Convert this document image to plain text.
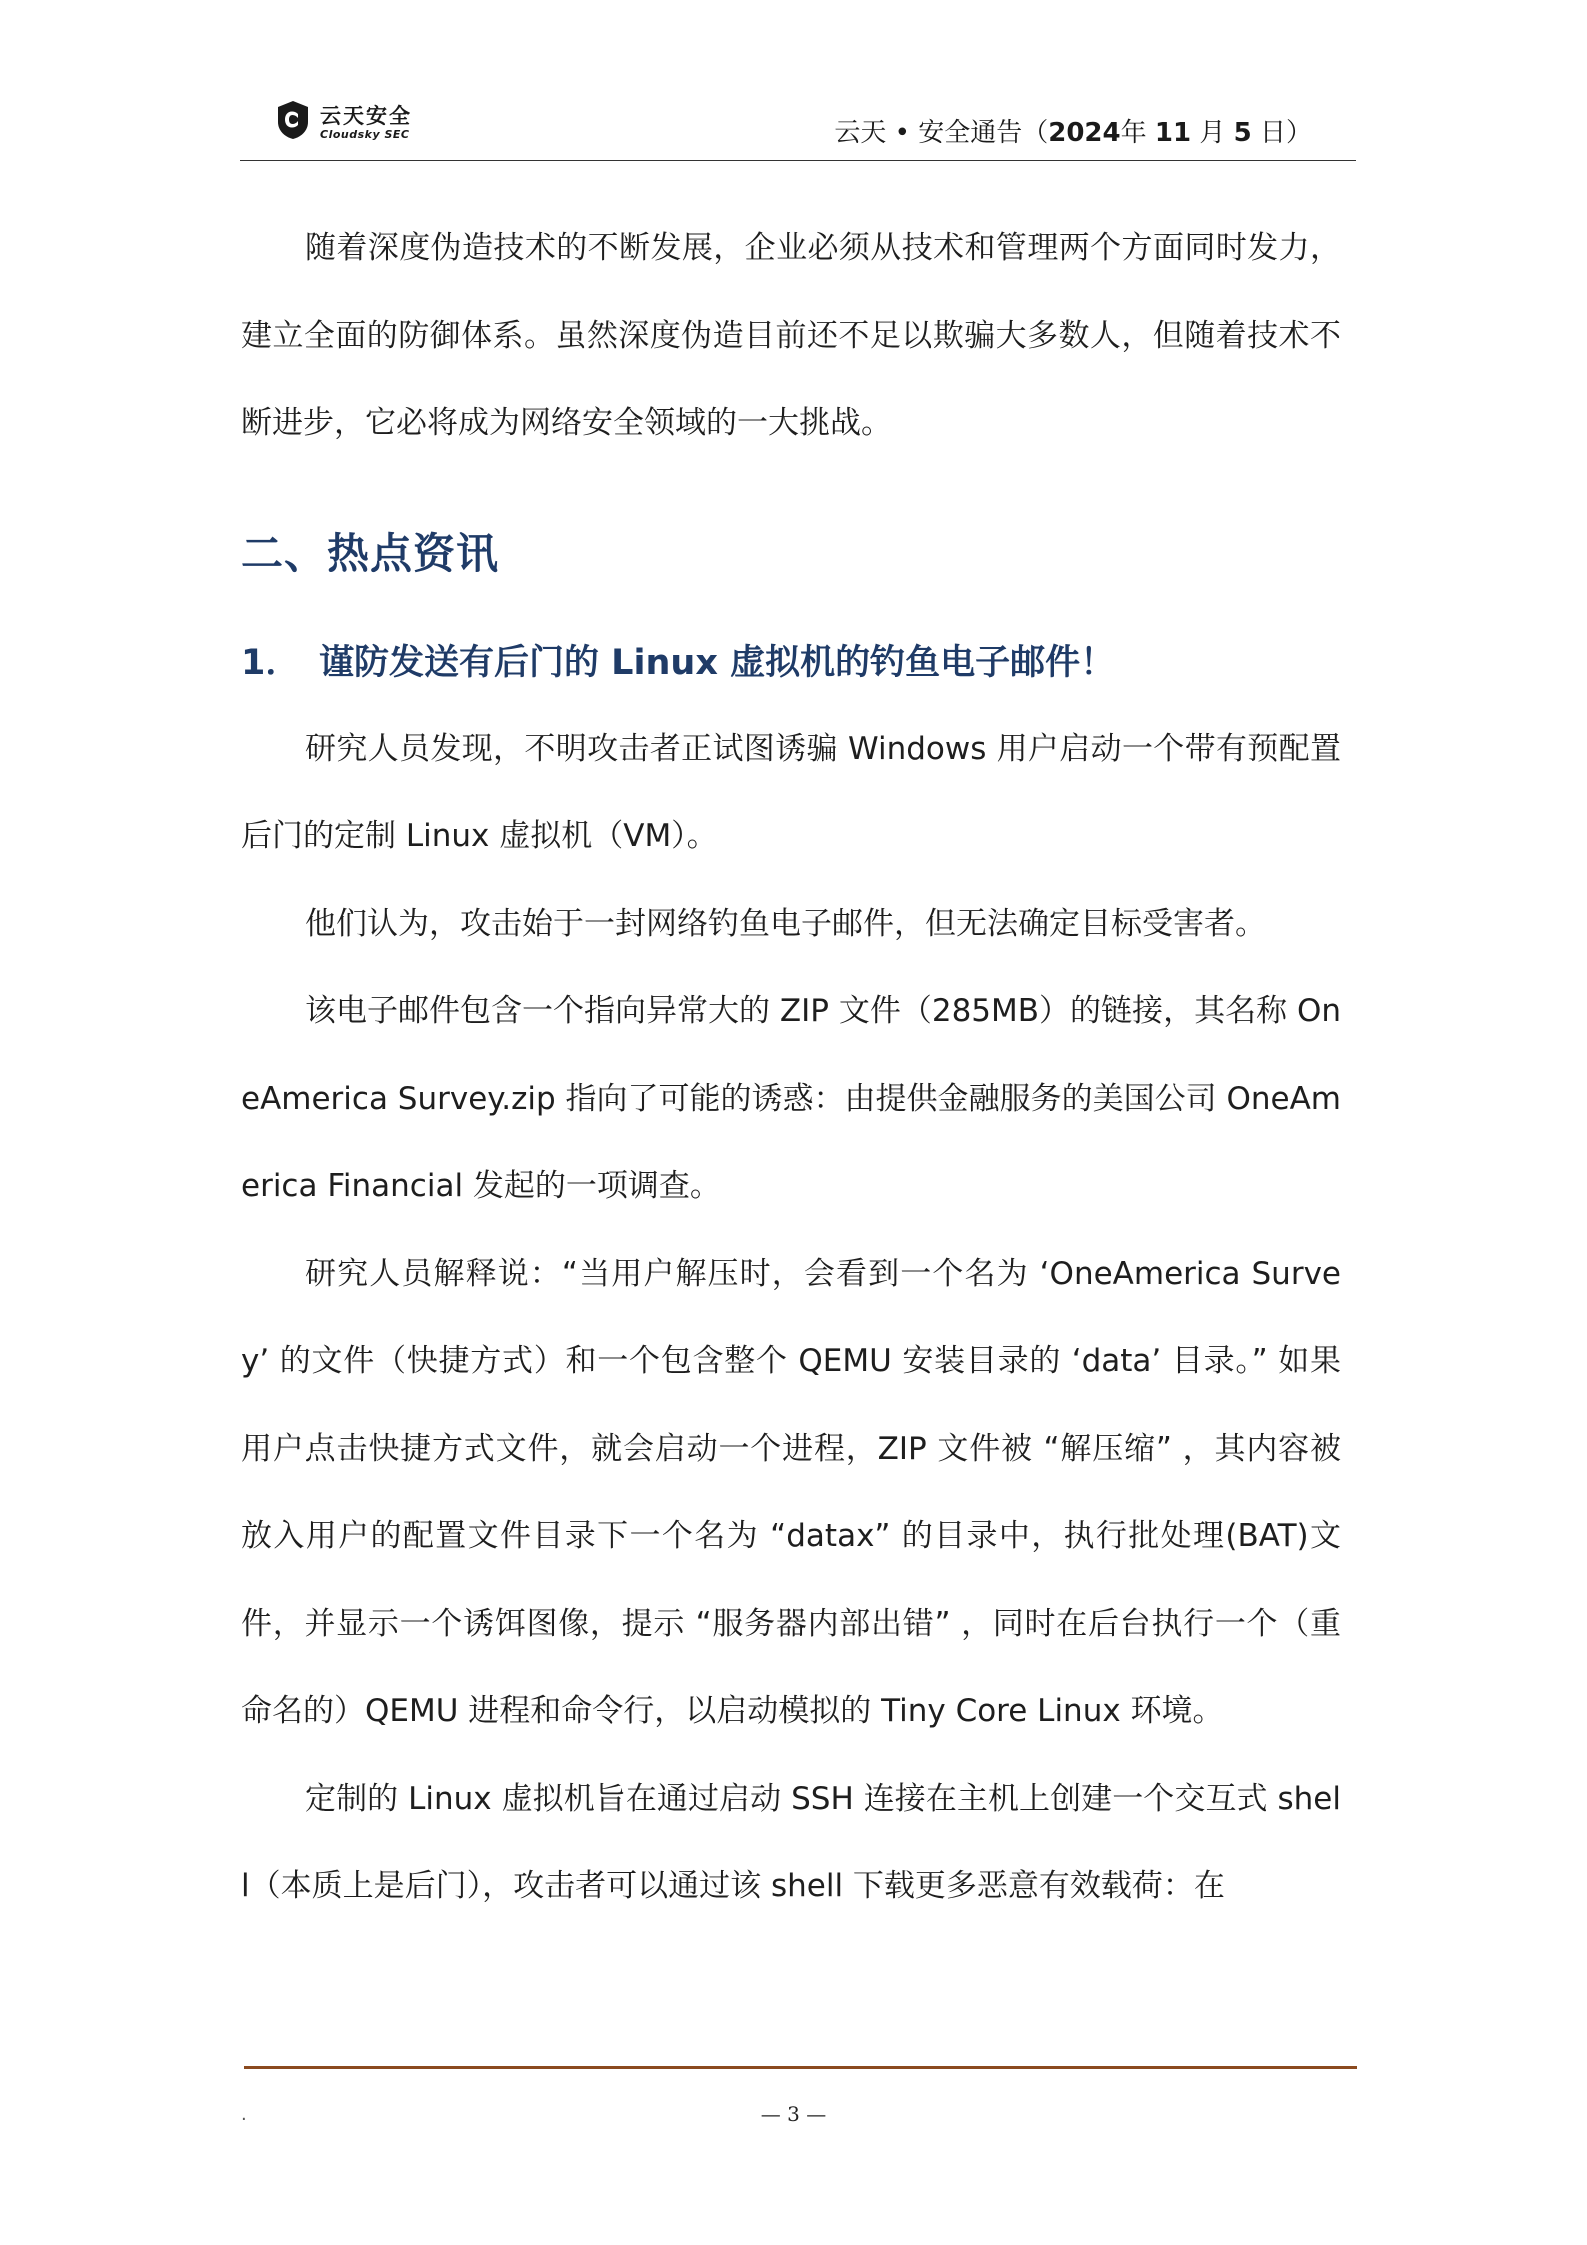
云天安全
Cloudsky SEC	云天 • 安全通告（2024年 11 月 5 日）

随着深度伪造技术的不断发展，企业必须从技术和管理两个方面同时发力，建立全面的防御体系。虽然深度伪造目前还不足以欺骗大多数人，但随着技术不断进步，它必将成为网络安全领域的一大挑战。

二、热点资讯
1． 谨防发送有后门的 Linux 虚拟机的钓鱼电子邮件！

研究人员发现，不明攻击者正试图诱骗 Windows 用户启动一个带有预配置后门的定制 Linux 虚拟机（VM）。

他们认为，攻击始于一封网络钓鱼电子邮件，但无法确定目标受害者。

该电子邮件包含一个指向异常大的 ZIP 文件（285MB）的链接，其名称 OneAmerica Survey.zip 指向了可能的诱惑：由提供金融服务的美国公司 OneAmerica Financial 发起的一项调查。

研究人员解释说：“当用户解压时，会看到一个名为 ‘OneAmerica Survey’ 的文件（快捷方式）和一个包含整个 QEMU 安装目录的 ‘data’ 目录。” 如果用户点击快捷方式文件，就会启动一个进程，ZIP 文件被 “解压缩” ，其内容被放入用户的配置文件目录下一个名为 “datax” 的目录中，执行批处理(BAT)文件，并显示一个诱饵图像，提示 “服务器内部出错” ，同时在后台执行一个（重命名的）QEMU 进程和命令行，以启动模拟的 Tiny Core Linux 环境。

定制的 Linux 虚拟机旨在通过启动 SSH 连接在主机上创建一个交互式 shell（本质上是后门），攻击者可以通过该 shell 下载更多恶意有效载荷：在

.	— 3 —
